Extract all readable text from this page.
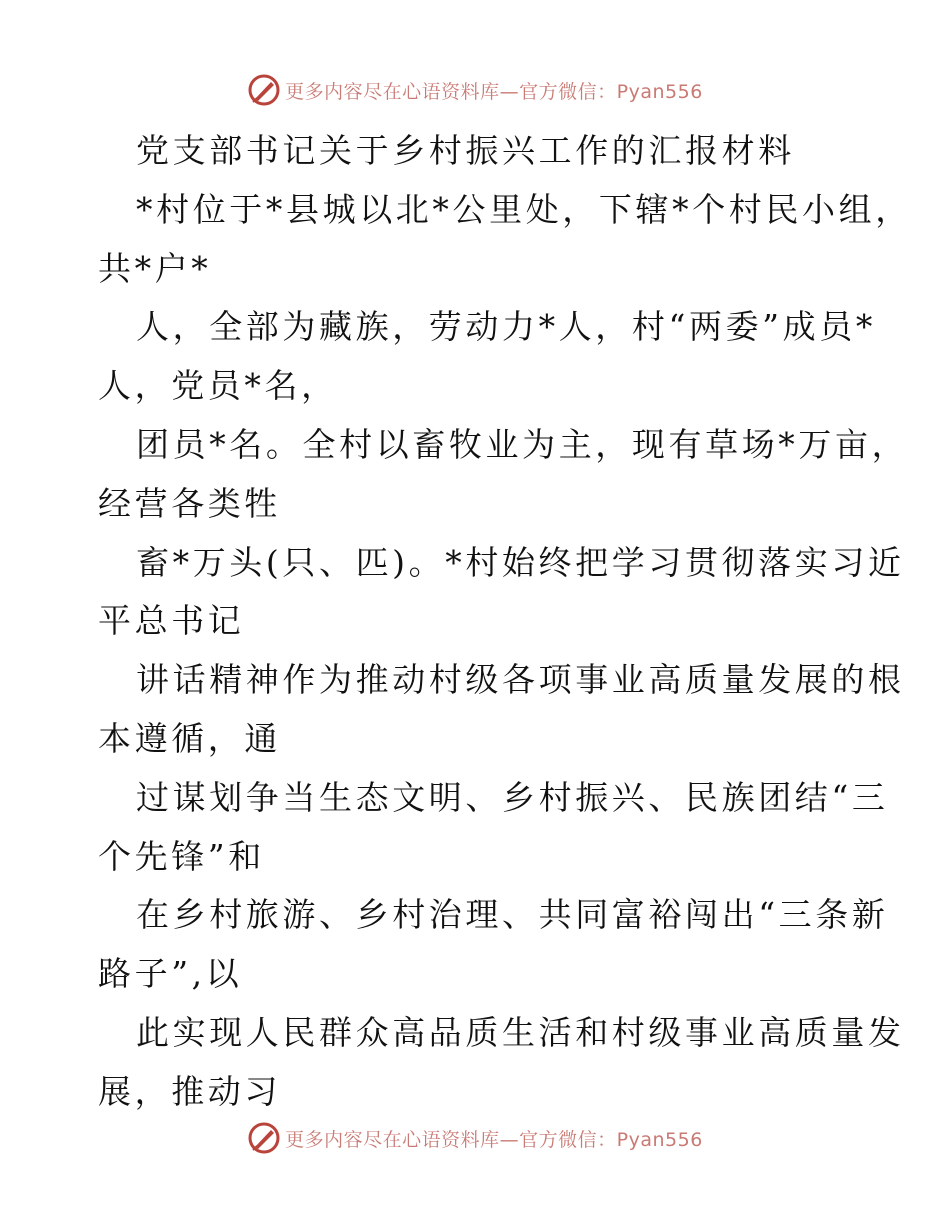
更多内容尽在心语资料库—官方微信：Pyan556
党支部书记关于乡村振兴工作的汇报材料
*村位于*县城以北*公里处，下辖*个村民小组，
共*户*
人，全部为藏族，劳动力*人，村“两委”成员*
人，党员*名，
团员*名。全村以畜牧业为主，现有草场*万亩，
经营各类牲
畜*万头(只、匹)。*村始终把学习贯彻落实习近
平总书记
讲话精神作为推动村级各项事业高质量发展的根
本遵循，通
过谋划争当生态文明、乡村振兴、民族团结“三
个先锋”和
在乡村旅游、乡村治理、共同富裕闯出“三条新
路子”,以
此实现人民群众高品质生活和村级事业高质量发
展，推动习
更多内容尽在心语资料库—官方微信：Pyan556
